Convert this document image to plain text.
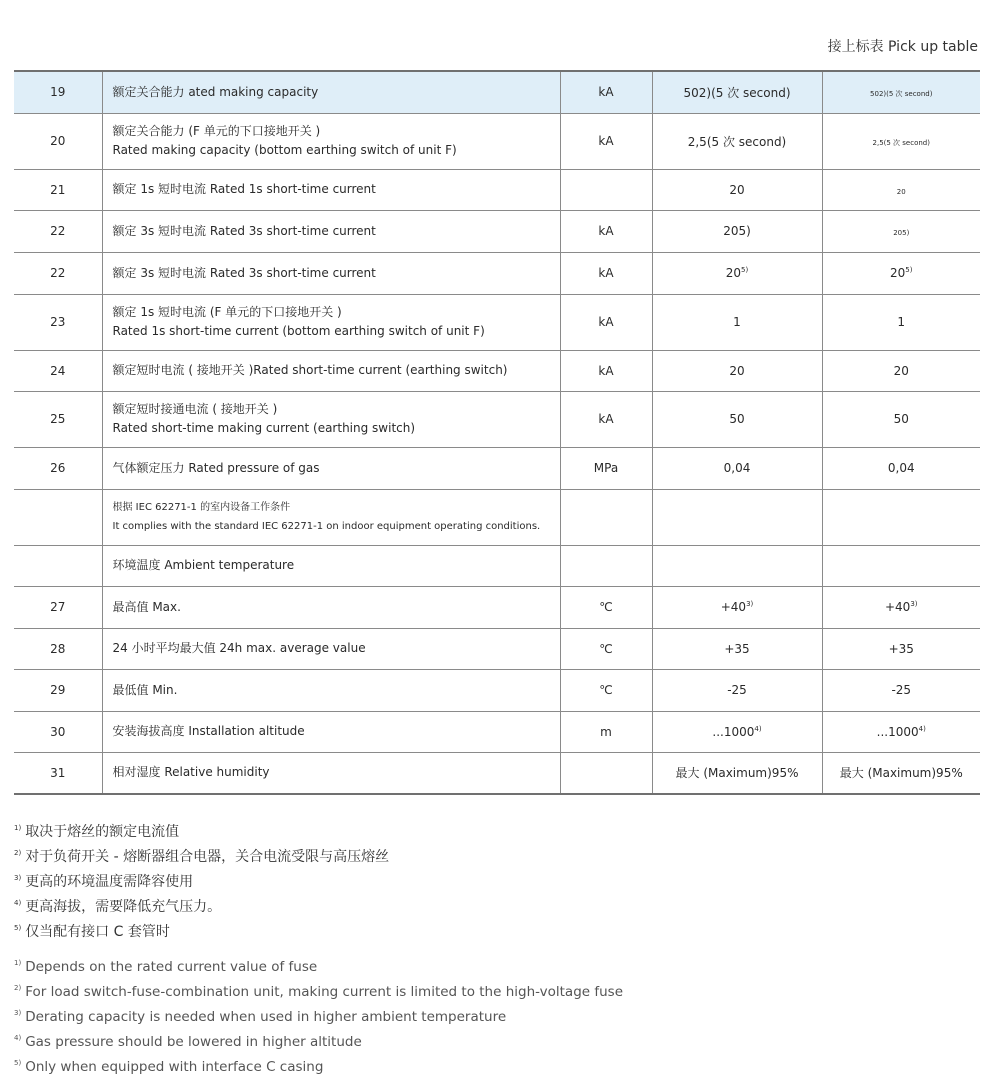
接上标表 Pick up table
19	额定关合能力 ated making capacity	kA	502)(5 次 second)	502)(5 次 second)
20	额定关合能力 (F 单元的下口接地开关 )
Rated making capacity (bottom earthing switch of unit F)	kA	2,5(5 次 second)	2,5(5 次 second)
21	额定 1s 短时电流 Rated 1s short-time current		20	20
22	额定 3s 短时电流 Rated 3s short-time current	kA	205)	205)
22	额定 3s 短时电流 Rated 3s short-time current	kA	20$^{5)}$	20$^{5)}$
23	额定 1s 短时电流 (F 单元的下口接地开关 )
Rated 1s short-time current (bottom earthing switch of unit F)	kA	1	1
24	额定短时电流 ( 接地开关 )Rated short-time current (earthing switch)	kA	20	20
25	额定短时接通电流 ( 接地开关 )
Rated short-time making current (earthing switch)	kA	50	50
26	气体额定压力 Rated pressure of gas	MPa	0,04	0,04

	根据 IEC 62271-1 的室内设备工作条件
It complies with the standard IEC 62271-1 on indoor equipment operating conditions.			

	环境温度 Ambient temperature			

27	最高值 Max.	℃	$+40^{3)}$	$+40^{3)}$
28	24 小时平均最大值 24h max. average value	℃	+35	+35
29	最低值 Min.	℃	-25	-25
30	安装海拔高度 Installation altitude	m	...1000$^{4)}$	...1000$^{4)}$
31	相对湿度 Relative humidity		最大 (Maximum)95%	最大 (Maximum)95%
$^{1)}$ 取决于熔丝的额定电流值
$^{2)}$ 对于负荷开关 - 熔断器组合电器，关合电流受限与高压熔丝
$^{3)}$ 更高的环境温度需降容使用
$^{4)}$ 更高海拔，需要降低充气压力。
$^{5)}$ 仅当配有接口 C 套管时
$^{1)}$ Depends on the rated current value of fuse
$^{2)}$ For load switch-fuse-combination unit, making current is limited to the high-voltage fuse
$^{3)}$ Derating capacity is needed when used in higher ambient temperature
$^{4)}$ Gas pressure should be lowered in higher altitude
$^{5)}$ Only when equipped with interface C casing
